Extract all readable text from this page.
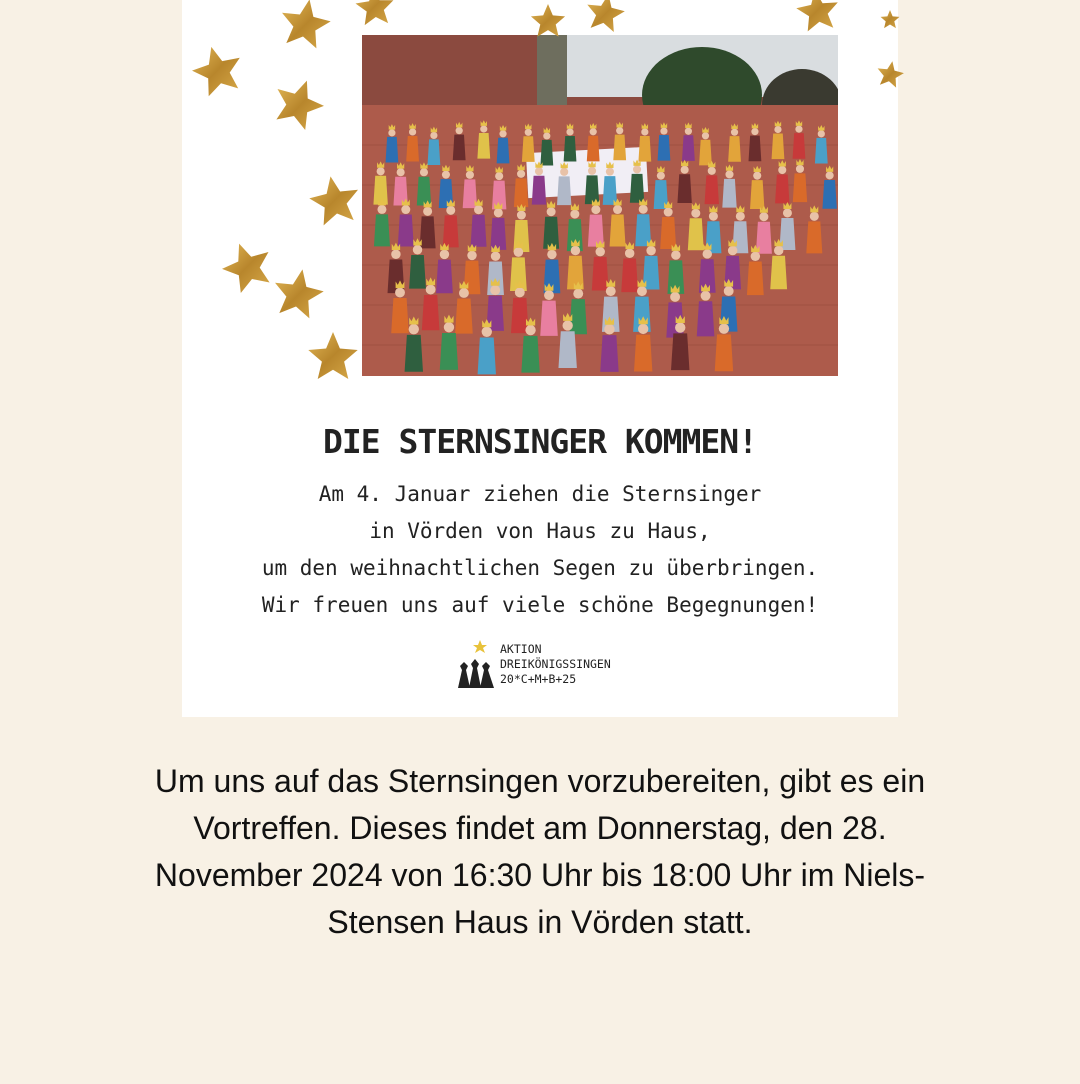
DIE STERNSINGER KOMMEN!
Am 4. Januar ziehen die Sternsinger
in Vörden von Haus zu Haus,
um den weihnachtlichen Segen zu überbringen.
Wir freuen uns auf viele schöne Begegnungen!
AKTION
DREIKÖNIGSSINGEN
20*C+M+B+25
Um uns auf das Sternsingen vorzubereiten, gibt es ein
Vortreffen. Dieses findet am Donnerstag, den 28.
November 2024 von 16:30 Uhr bis 18:00 Uhr im Niels-
Stensen Haus in Vörden statt.
